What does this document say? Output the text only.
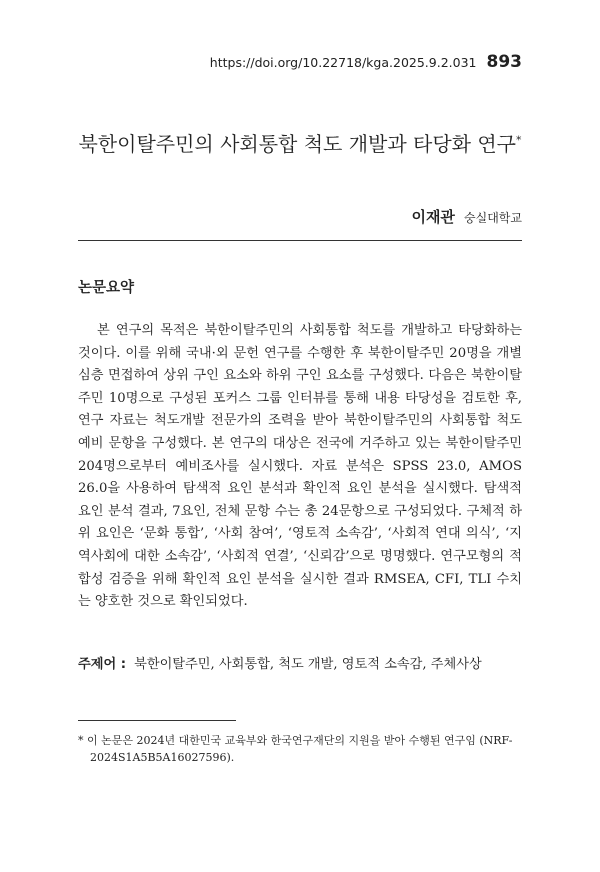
https://doi.org/10.22718/kga.2025.9.2.031 893
북한이탈주민의 사회통합 척도 개발과 타당화 연구*
이재관 숭실대학교
논문요약

본 연구의 목적은 북한이탈주민의 사회통합 척도를 개발하고 타당화하는 것이다. 이를 위해 국내·외 문헌 연구를 수행한 후 북한이탈주민 20명을 개별 심층 면접하여 상위 구인 요소와 하위 구인 요소를 구성했다. 다음은 북한이탈주민 10명으로 구성된 포커스 그룹 인터뷰를 통해 내용 타당성을 검토한 후, 연구 자료는 척도개발 전문가의 조력을 받아 북한이탈주민의 사회통합 척도 예비 문항을 구성했다. 본 연구의 대상은 전국에 거주하고 있는 북한이탈주민 204명으로부터 예비조사를 실시했다. 자료 분석은 SPSS 23.0, AMOS 26.0을 사용하여 탐색적 요인 분석과 확인적 요인 분석을 실시했다. 탐색적 요인 분석 결과, 7요인, 전체 문항 수는 총 24문항으로 구성되었다. 구체적 하위 요인은 ‘문화 통합’, ‘사회 참여’, ‘영토적 소속감’, ‘사회적 연대 의식’, ‘지역사회에 대한 소속감’, ‘사회적 연결’, ‘신뢰감’으로 명명했다. 연구모형의 적합성 검증을 위해 확인적 요인 분석을 실시한 결과 RMSEA, CFI, TLI 수치는 양호한 것으로 확인되었다.

주제어 : 북한이탈주민, 사회통합, 척도 개발, 영토적 소속감, 주체사상

* 이 논문은 2024년 대한민국 교육부와 한국연구재단의 지원을 받아 수행된 연구임 (NRF-2024S1A5B5A16027596).
